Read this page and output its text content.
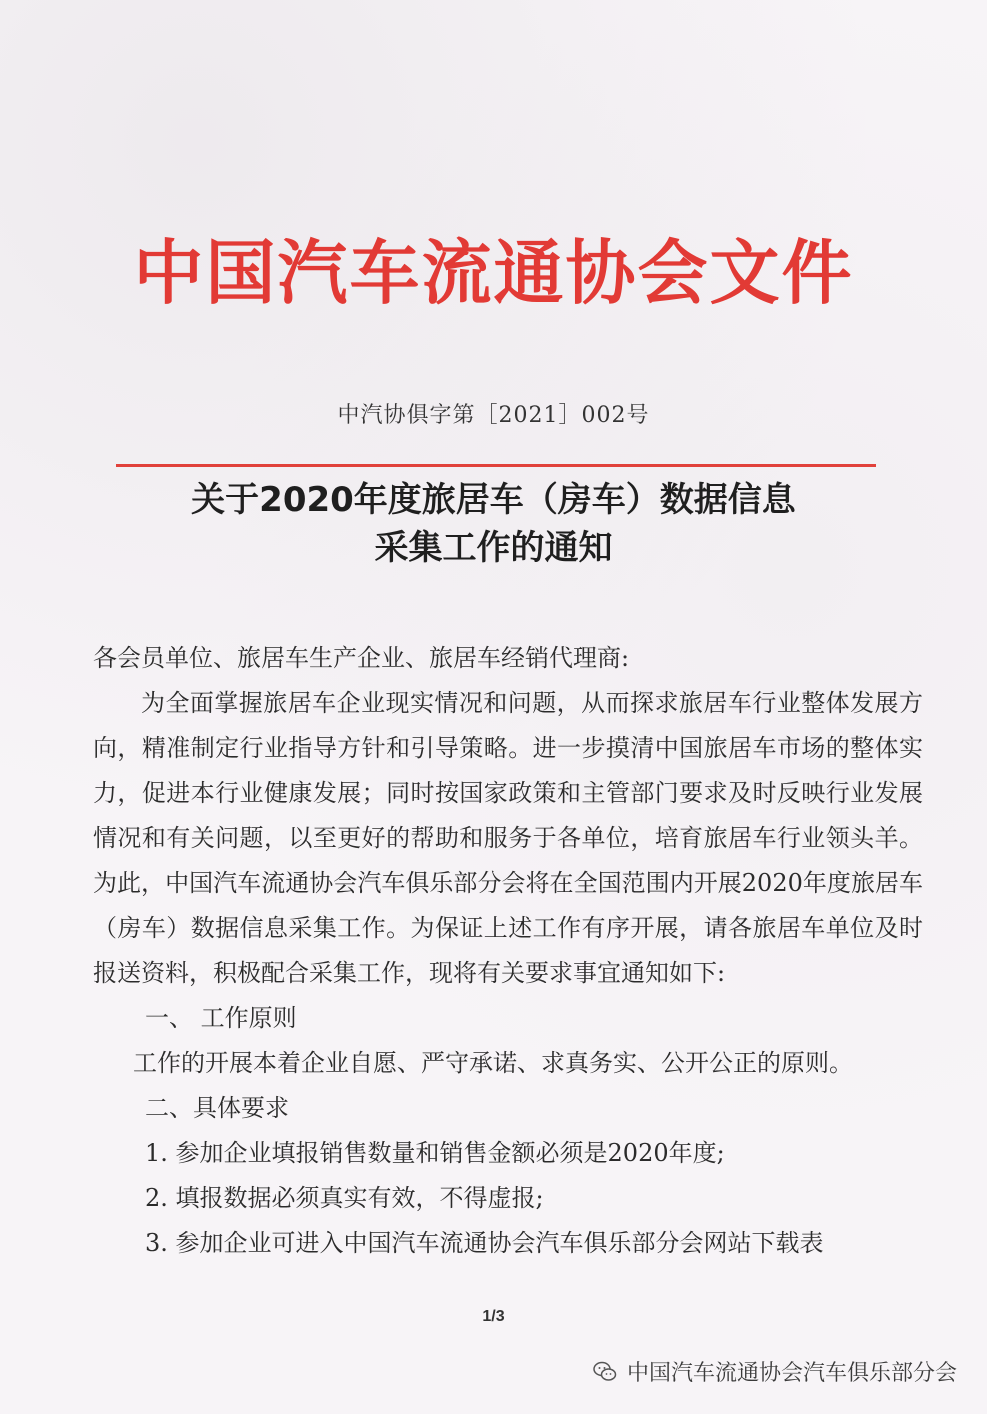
中国汽车流通协会文件
中汽协俱字第［2021］002号
关于2020年度旅居车（房车）数据信息
采集工作的通知
各会员单位、旅居车生产企业、旅居车经销代理商:
为全面掌握旅居车企业现实情况和问题，从而探求旅居车行业整体发展方向，精准制定行业指导方针和引导策略。进一步摸清中国旅居车市场的整体实力，促进本行业健康发展；同时按国家政策和主管部门要求及时反映行业发展情况和有关问题，以至更好的帮助和服务于各单位，培育旅居车行业领头羊。为此，中国汽车流通协会汽车俱乐部分会将在全国范围内开展2020年度旅居车（房车）数据信息采集工作。为保证上述工作有序开展，请各旅居车单位及时报送资料，积极配合采集工作，现将有关要求事宜通知如下:
一、 工作原则
工作的开展本着企业自愿、严守承诺、求真务实、公开公正的原则。
二、具体要求
1. 参加企业填报销售数量和销售金额必须是2020年度;
2. 填报数据必须真实有效，不得虚报;
3. 参加企业可进入中国汽车流通协会汽车俱乐部分会网站下载表
1/3
中国汽车流通协会汽车俱乐部分会
